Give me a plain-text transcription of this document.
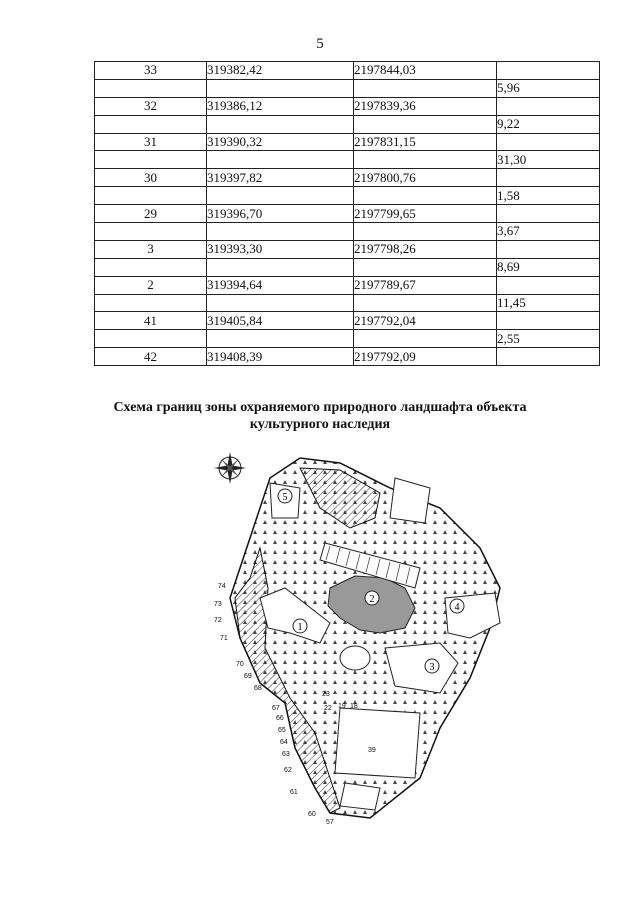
5
33	319382,42	2197844,03	
			5,96
32	319386,12	2197839,36	
			9,22
31	319390,32	2197831,15	
			31,30
30	319397,82	2197800,76	
			1,58
29	319396,70	2197799,65	
			3,67
3	319393,30	2197798,26	
			8,69
2	319394,64	2197789,67	
			11,45
41	319405,84	2197792,04	
			2,55
42	319408,39	2197792,09	
Схема границ зоны охраняемого природного ландшафта объекта
культурного наследия
2
1
3
4
5
74
73
72
71
70
69
68
67
66
65
64
63
62
61
60
57
23
22 19 18
39
